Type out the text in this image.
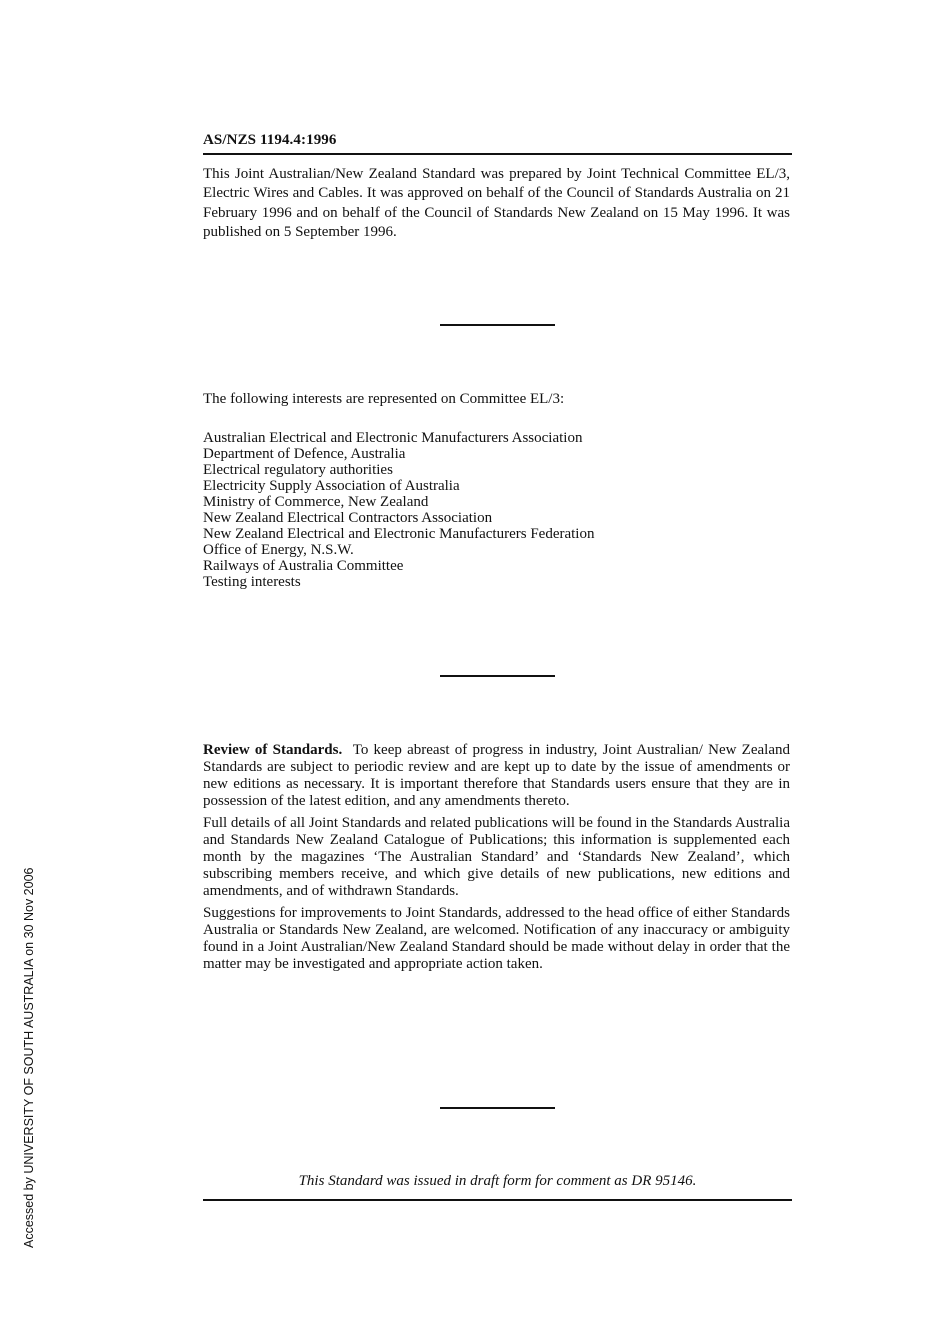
AS/NZS 1194.4:1996

This Joint Australian/New Zealand Standard was prepared by Joint Technical Committee EL/3, Electric Wires and Cables. It was approved on behalf of the Council of Standards Australia on 21 February 1996 and on behalf of the Council of Standards New Zealand on 15 May 1996. It was published on 5 September 1996.

The following interests are represented on Committee EL/3:

Australian Electrical and Electronic Manufacturers Association
Department of Defence, Australia
Electrical regulatory authorities
Electricity Supply Association of Australia
Ministry of Commerce, New Zealand
New Zealand Electrical Contractors Association
New Zealand Electrical and Electronic Manufacturers Federation
Office of Energy, N.S.W.
Railways of Australia Committee
Testing interests

Review of Standards. To keep abreast of progress in industry, Joint Australian/ New Zealand Standards are subject to periodic review and are kept up to date by the issue of amendments or new editions as necessary. It is important therefore that Standards users ensure that they are in possession of the latest edition, and any amendments thereto.

Full details of all Joint Standards and related publications will be found in the Standards Australia and Standards New Zealand Catalogue of Publications; this information is supplemented each month by the magazines ‘The Australian Standard’ and ‘Standards New Zealand’, which subscribing members receive, and which give details of new publications, new editions and amendments, and of withdrawn Standards.

Suggestions for improvements to Joint Standards, addressed to the head office of either Standards Australia or Standards New Zealand, are welcomed. Notification of any inaccuracy or ambiguity found in a Joint Australian/New Zealand Standard should be made without delay in order that the matter may be investigated and appropriate action taken.

This Standard was issued in draft form for comment as DR 95146.

Accessed by UNIVERSITY OF SOUTH AUSTRALIA on 30 Nov 2006
